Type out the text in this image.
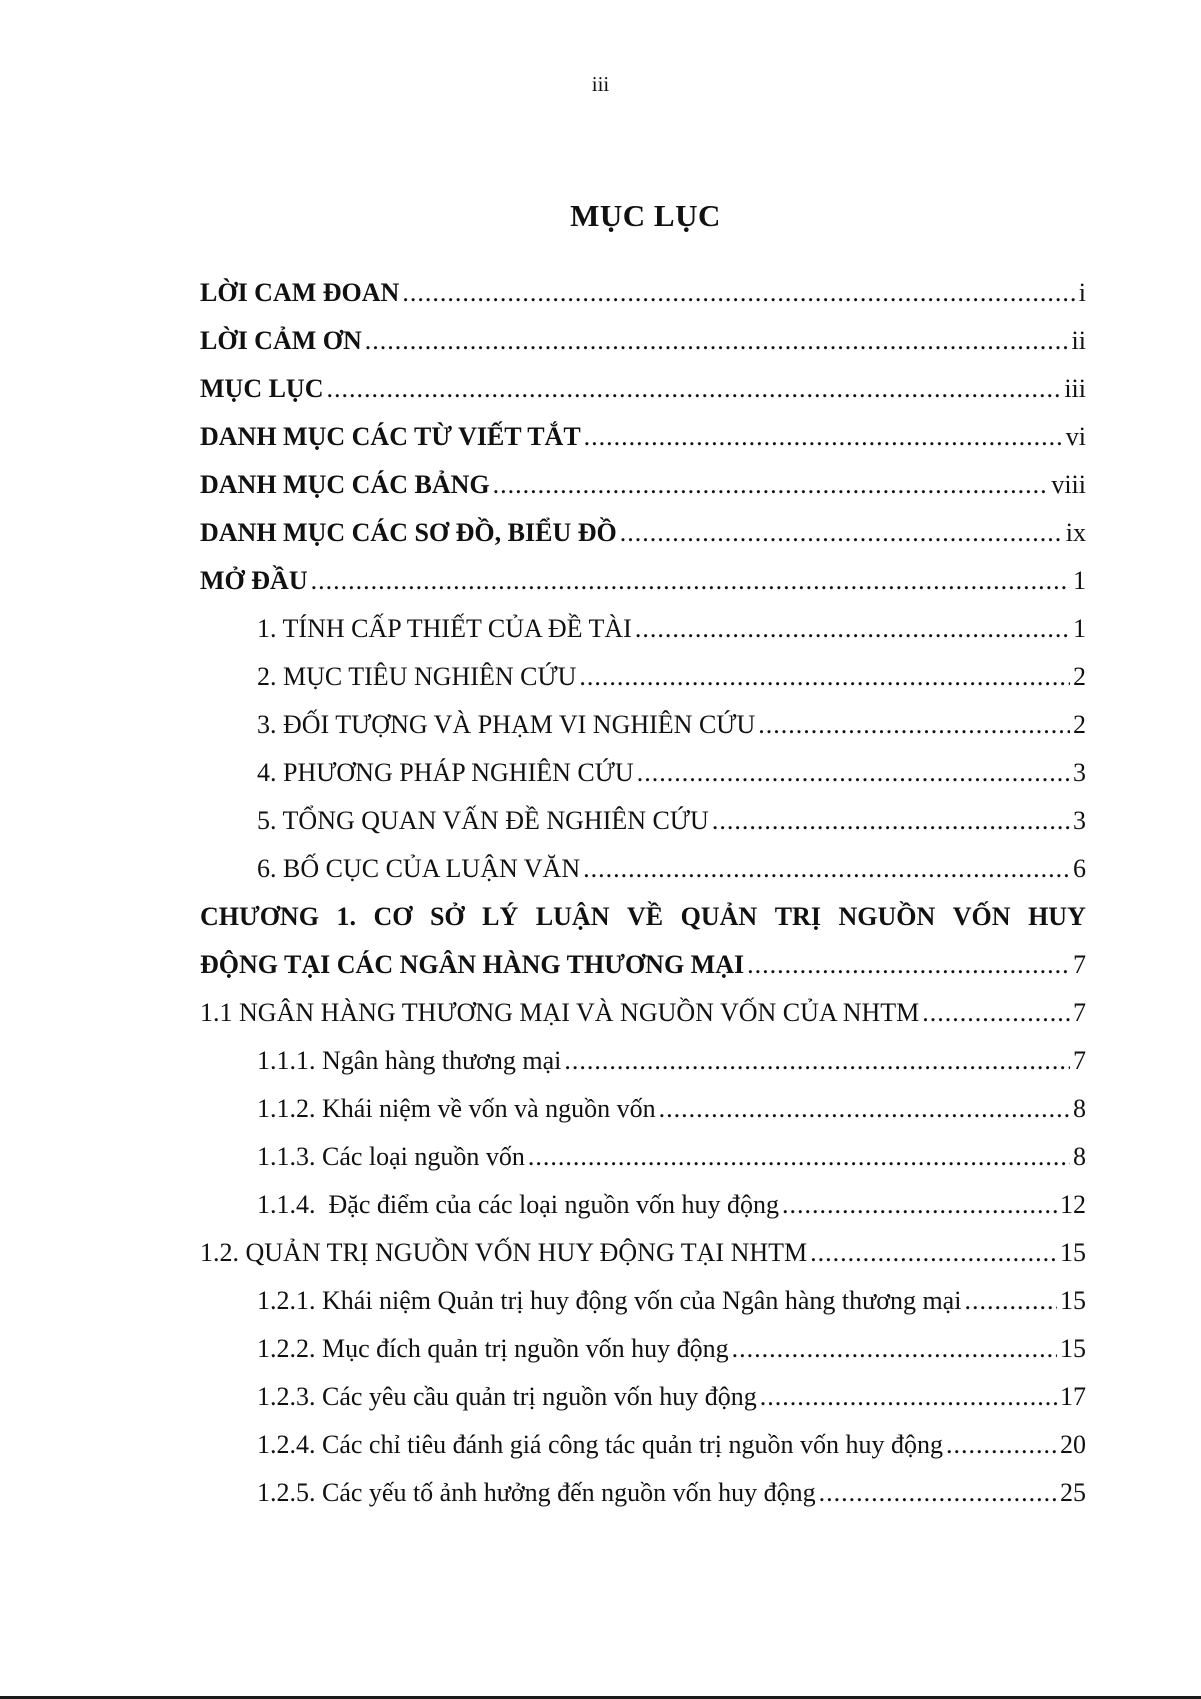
iii
MỤC LỤC
LỜI CAM ĐOAN .....	i
LỜI CẢM ƠN .....	ii
MỤC LỤC .....	iii
DANH MỤC CÁC TỪ VIẾT TẮT .....	vi
DANH MỤC CÁC BẢNG .....	viii
DANH MỤC CÁC SƠ ĐỒ, BIỂU ĐỒ .....	ix
MỞ ĐẦU .....	1
1. TÍNH CẤP THIẾT CỦA ĐỀ TÀI .....	1
2. MỤC TIÊU NGHIÊN CỨU .....	2
3. ĐỐI TƯỢNG VÀ PHẠM VI NGHIÊN CỨU .....	2
4. PHƯƠNG PHÁP NGHIÊN CỨU .....	3
5. TỔNG QUAN VẤN ĐỀ NGHIÊN CỨU .....	3
6. BỐ CỤC CỦA LUẬN VĂN .....	6
CHƯƠNG 1. CƠ SỞ LÝ LUẬN VỀ QUẢN TRỊ NGUỒN VỐN HUY
ĐỘNG TẠI CÁC NGÂN HÀNG THƯƠNG MẠI .....	7
1.1 NGÂN HÀNG THƯƠNG MẠI VÀ NGUỒN VỐN CỦA NHTM .....	7
1.1.1. Ngân hàng thương mại .....	7
1.1.2. Khái niệm về vốn và nguồn vốn .....	8
1.1.3. Các loại nguồn vốn .....	8
1.1.4.  Đặc điểm của các loại nguồn vốn huy động .....	12
1.2. QUẢN TRỊ NGUỒN VỐN HUY ĐỘNG TẠI NHTM .....	15
1.2.1. Khái niệm Quản trị huy động vốn của Ngân hàng thương mại .....	15
1.2.2. Mục đích quản trị nguồn vốn huy động .....	15
1.2.3. Các yêu cầu quản trị nguồn vốn huy động .....	17
1.2.4. Các chỉ tiêu đánh giá công tác quản trị nguồn vốn huy động .....	20
1.2.5. Các yếu tố ảnh hưởng đến nguồn vốn huy động .....	25
